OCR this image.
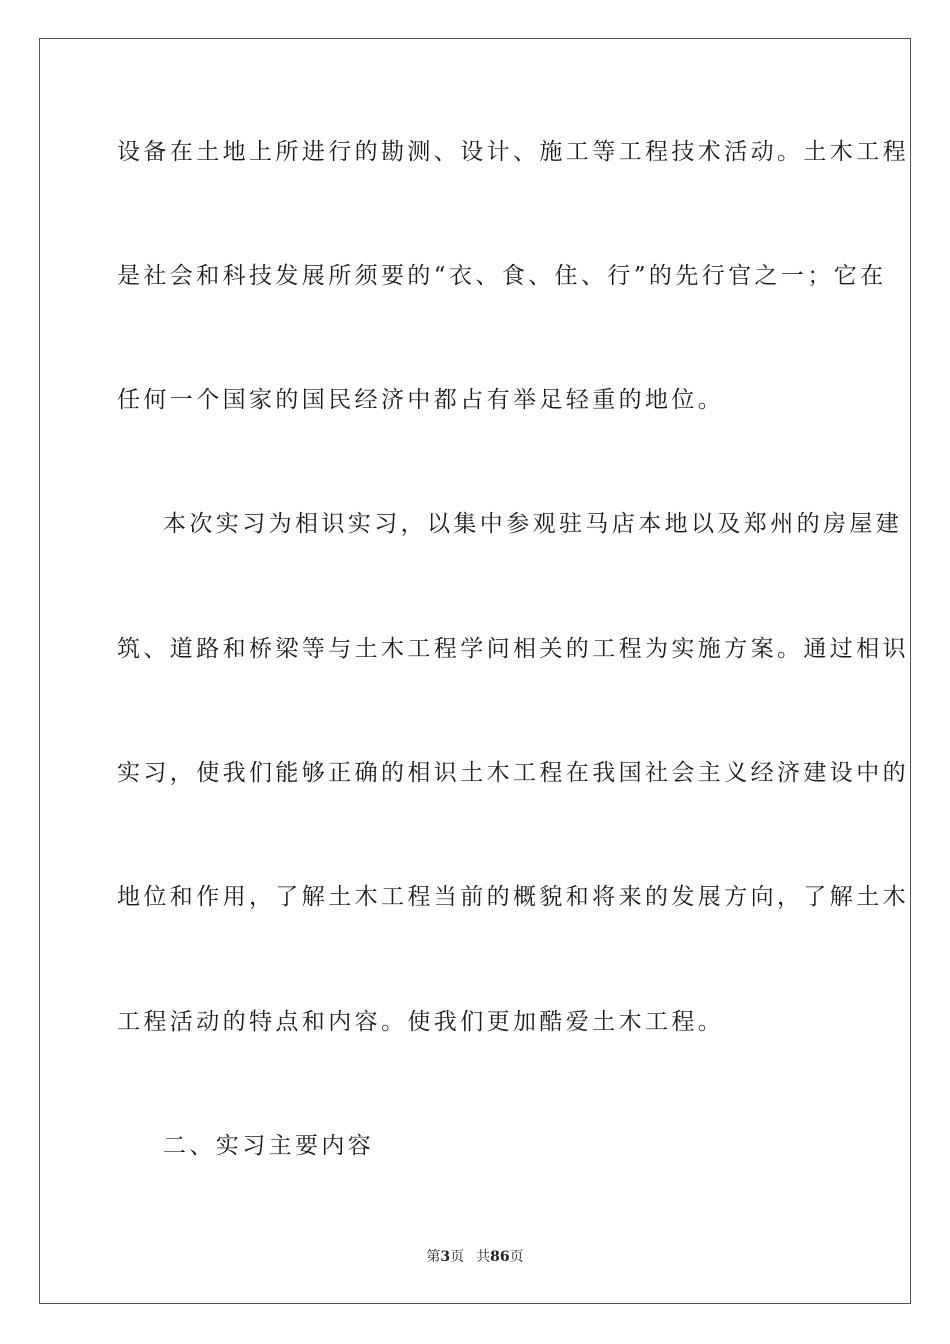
设备在土地上所进行的勘测、设计、施工等工程技术活动。土木工程
是社会和科技发展所须要的“衣、食、住、行”的先行官之一；它在
任何一个国家的国民经济中都占有举足轻重的地位。
本次实习为相识实习，以集中参观驻马店本地以及郑州的房屋建
筑、道路和桥梁等与土木工程学问相关的工程为实施方案。通过相识
实习，使我们能够正确的相识土木工程在我国社会主义经济建设中的
地位和作用，了解土木工程当前的概貌和将来的发展方向，了解土木
工程活动的特点和内容。使我们更加酷爱土木工程。
二、实习主要内容
第3页 共86页
